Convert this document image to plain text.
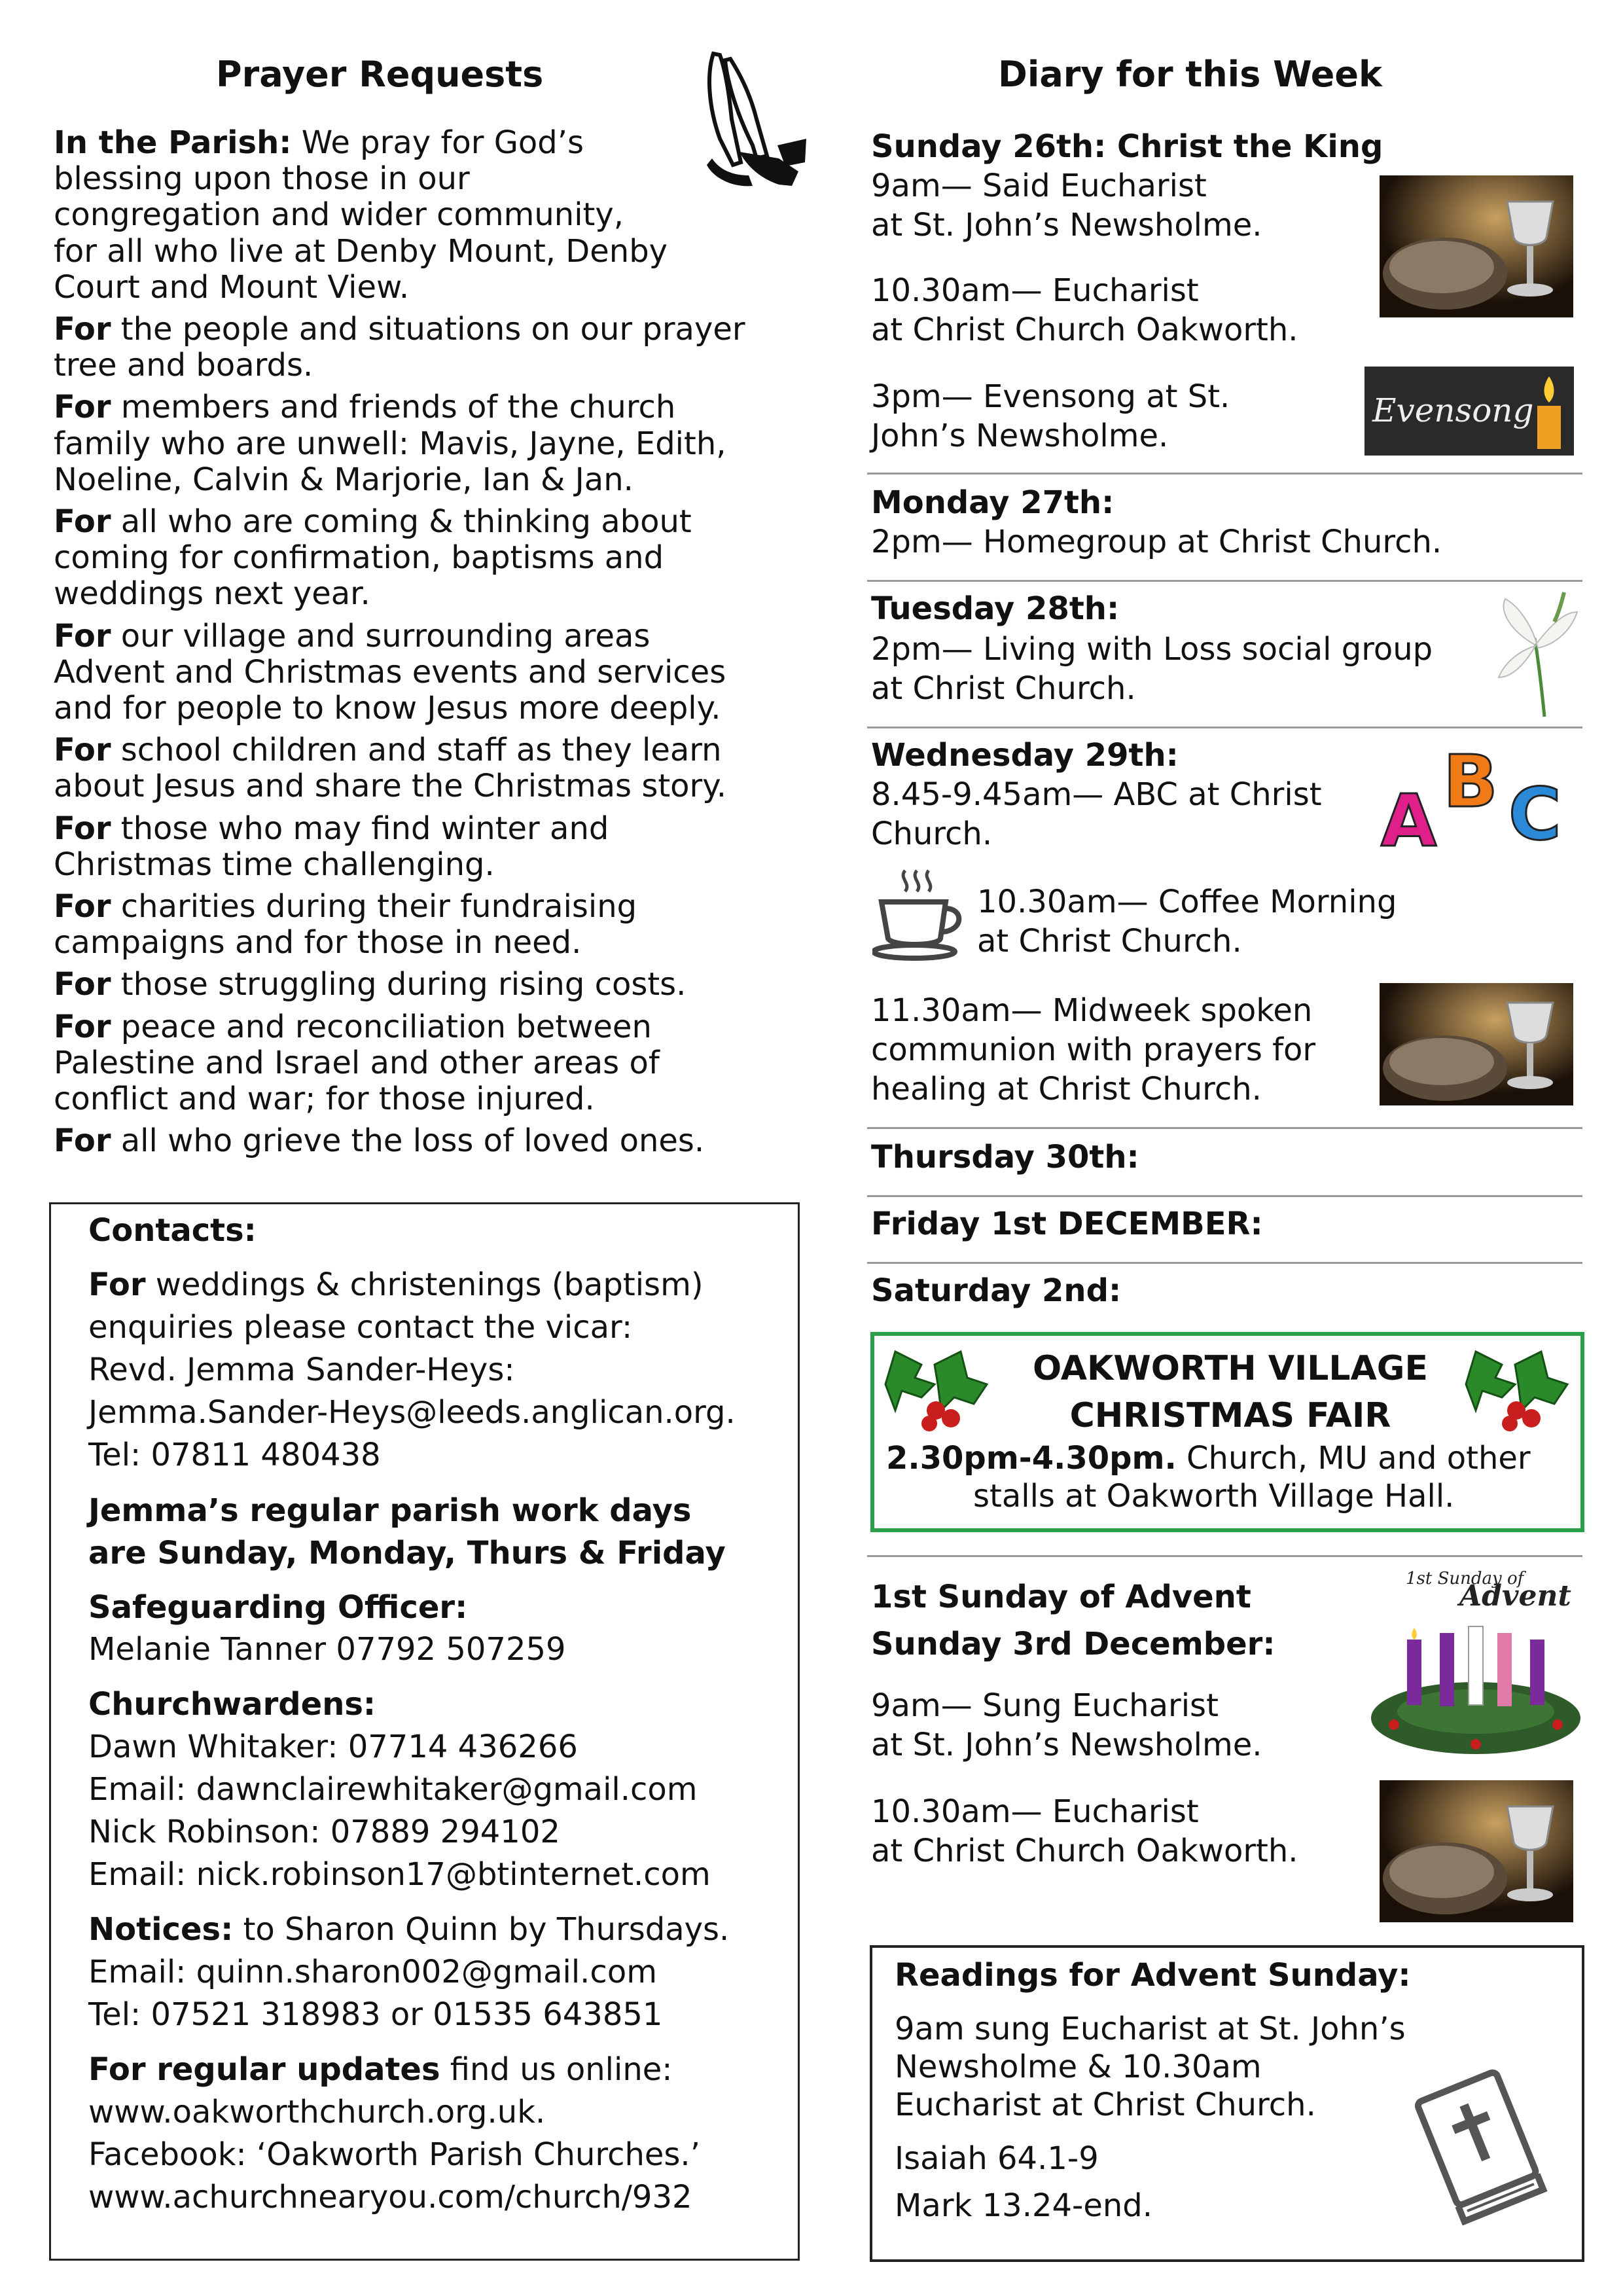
Prayer Requests
In the Parish: We pray for God’s
blessing upon those in our
congregation and wider community,
for all who live at Denby Mount, Denby
Court and Mount View.
For the people and situations on our prayer
tree and boards.
For members and friends of the church
family who are unwell: Mavis, Jayne, Edith,
Noeline, Calvin & Marjorie, Ian & Jan.
For all who are coming & thinking about
coming for confirmation, baptisms and
weddings next year.
For our village and surrounding areas
Advent and Christmas events and services
and for people to know Jesus more deeply.
For school children and staff as they learn
about Jesus and share the Christmas story.
For those who may find winter and
Christmas time challenging.
For charities during their fundraising
campaigns and for those in need.
For those struggling during rising costs.
For peace and reconciliation between
Palestine and Israel and other areas of
conflict and war; for those injured.
For all who grieve the loss of loved ones.
Contacts:
For weddings & christenings (baptism)
enquiries please contact the vicar:
Revd. Jemma Sander-Heys:
Jemma.Sander-Heys@leeds.anglican.org.
Tel: 07811 480438
Jemma’s regular parish work days
are Sunday, Monday, Thurs & Friday
Safeguarding Officer:
Melanie Tanner 07792 507259
Churchwardens:
Dawn Whitaker: 07714 436266
Email: dawnclairewhitaker@gmail.com
Nick Robinson: 07889 294102
Email: nick.robinson17@btinternet.com
Notices: to Sharon Quinn by Thursdays.
Email: quinn.sharon002@gmail.com
Tel: 07521 318983 or 01535 643851
For regular updates find us online:
www.oakworthchurch.org.uk.
Facebook: ‘Oakworth Parish Churches.’
www.achurchnearyou.com/church/932
Diary for this Week
Sunday 26th: Christ the King
9am— Said Eucharist
at St. John’s Newsholme.
10.30am— Eucharist
at Christ Church Oakworth.
3pm— Evensong at St.
John’s Newsholme.
Evensong
Monday 27th:
2pm— Homegroup at Christ Church.
Tuesday 28th:
2pm— Living with Loss social group
at Christ Church.
Wednesday 29th:
8.45-9.45am— ABC at Christ
Church.	A B C
10.30am— Coffee Morning
at Christ Church.
11.30am— Midweek spoken
communion with prayers for
healing at Christ Church.
Thursday 30th:
Friday 1st DECEMBER:
Saturday 2nd:
OAKWORTH VILLAGE
CHRISTMAS FAIR
2.30pm-4.30pm. Church, MU and other
stalls at Oakworth Village Hall.
1st Sunday of Advent
Sunday 3rd December:
1st Sunday of
Advent
9am— Sung Eucharist
at St. John’s Newsholme.
10.30am— Eucharist
at Christ Church Oakworth.
Readings for Advent Sunday:
9am sung Eucharist at St. John’s
Newsholme & 10.30am
Eucharist at Christ Church.
Isaiah 64.1-9
Mark 13.24-end.
